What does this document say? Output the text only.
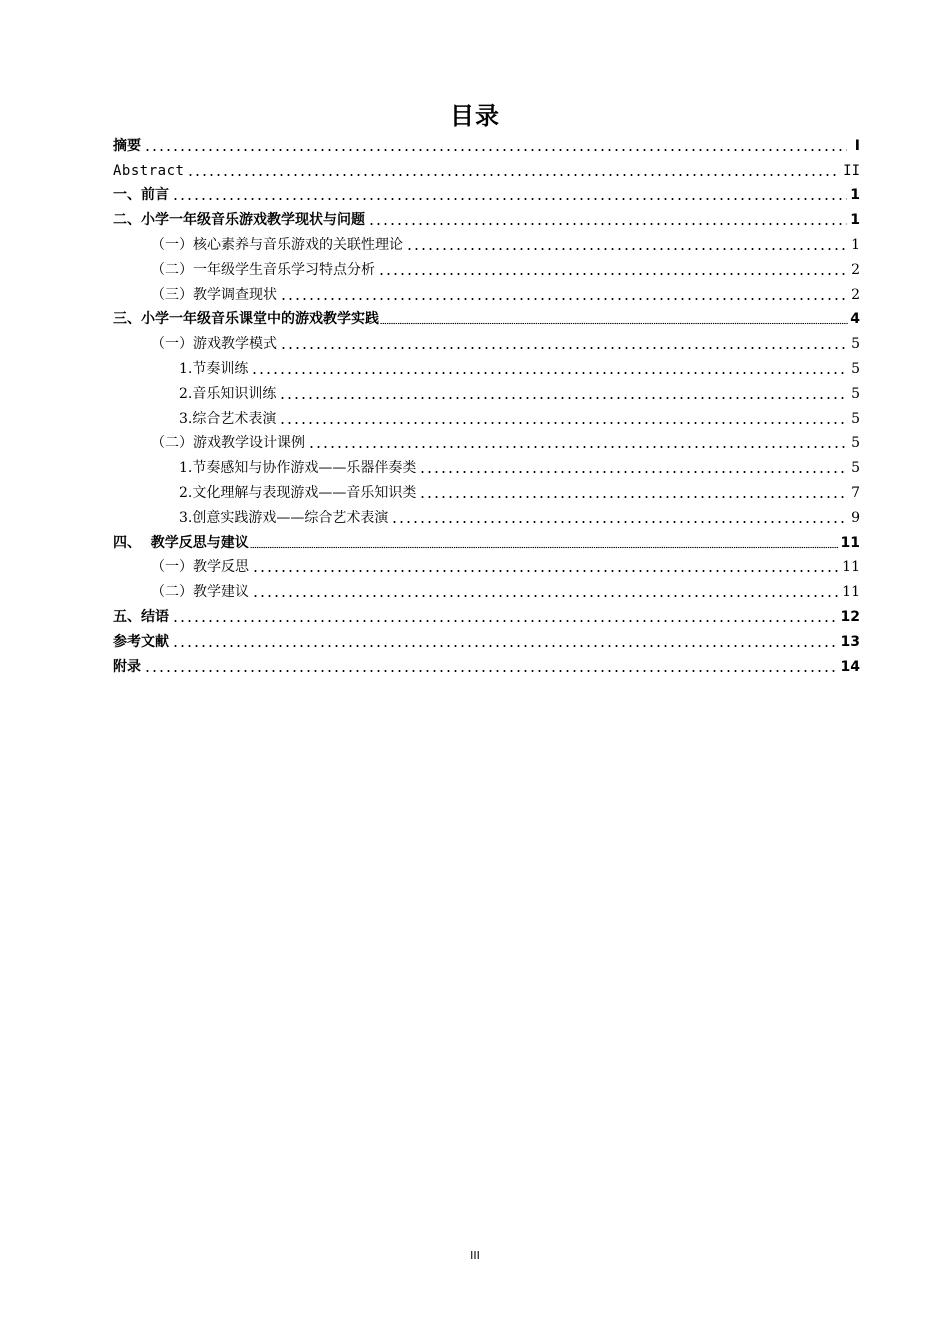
目录
摘要	I
Abstract	II
一、前言	1
二、小学一年级音乐游戏教学现状与问题	1
（一）核心素养与音乐游戏的关联性理论	1
（二）一年级学生音乐学习特点分析	2
（三）教学调查现状	2
三、小学一年级音乐课堂中的游戏教学实践	4
（一）游戏教学模式	5
1.节奏训练	5
2.音乐知识训练	5
3.综合艺术表演	5
（二）游戏教学设计课例	5
1.节奏感知与协作游戏——乐器伴奏类	5
2.文化理解与表现游戏——音乐知识类	7
3.创意实践游戏——综合艺术表演	9
四、  教学反思与建议	11
（一）教学反思	11
（二）教学建议	11
五、结语	12
参考文献	13
附录	14
III
